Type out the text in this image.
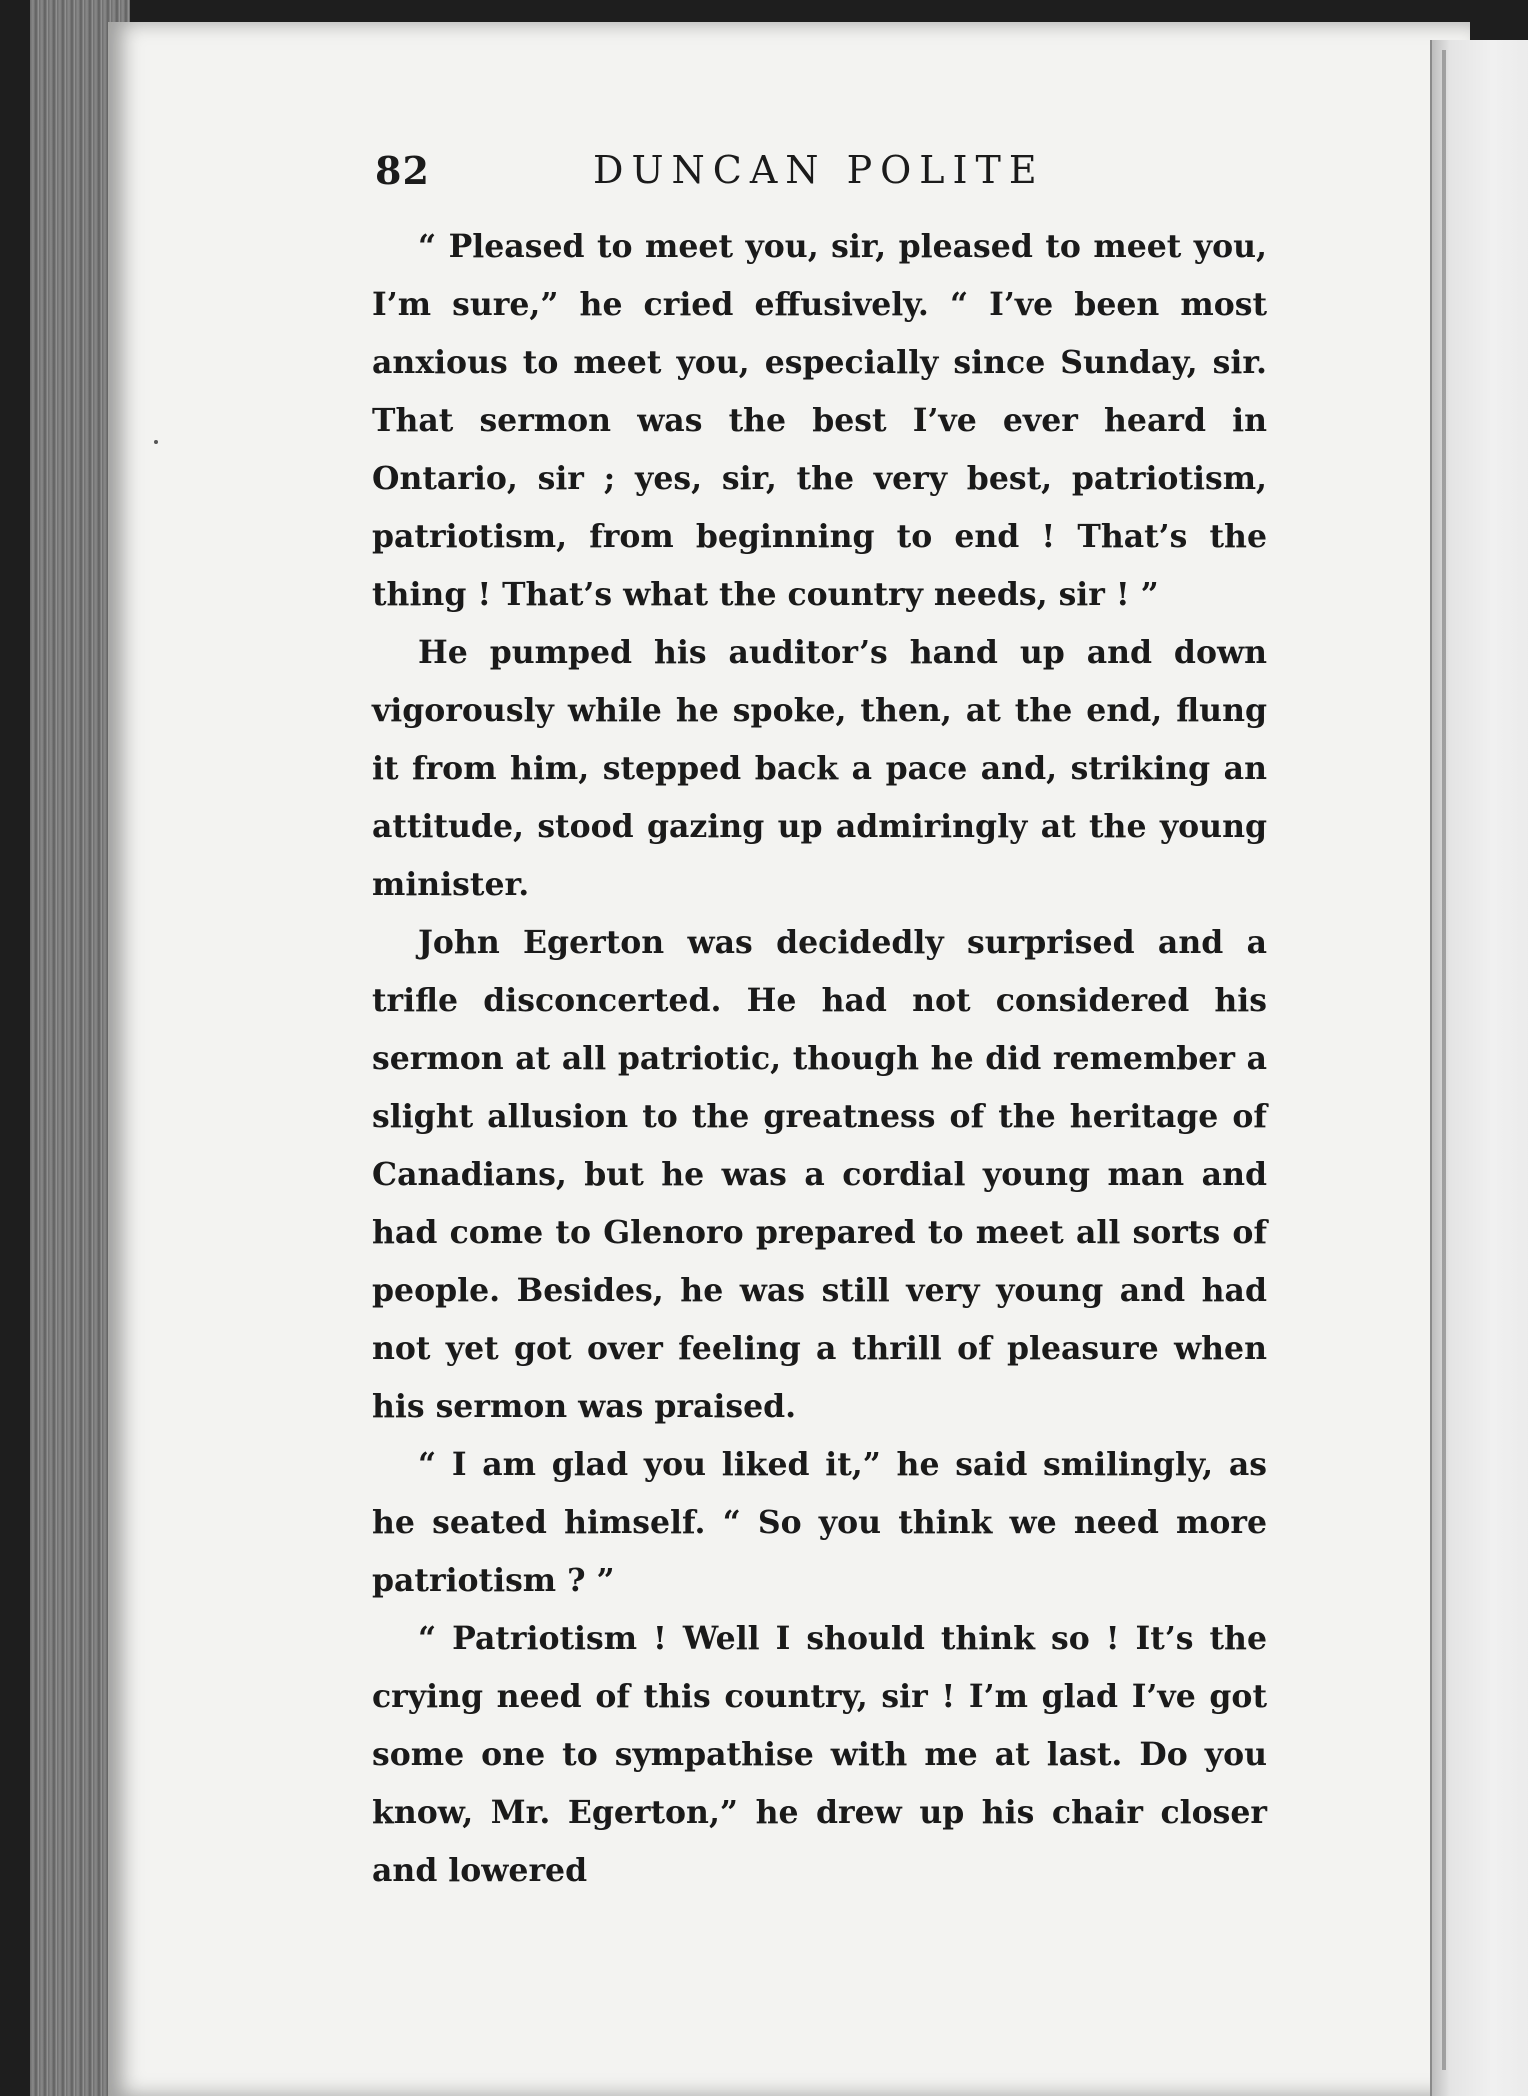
82	DUNCAN POLITE

“ Pleased to meet you, sir, pleased to meet you, I’m sure,” he cried effusively. “ I’ve been most anxious to meet you, especially since Sunday, sir. That sermon was the best I’ve ever heard in Ontario, sir ; yes, sir, the very best, patriotism, patriotism, from beginning to end ! That’s the thing ! That’s what the country needs, sir ! ”

He pumped his auditor’s hand up and down vigorously while he spoke, then, at the end, flung it from him, stepped back a pace and, striking an attitude, stood gazing up admiringly at the young minister.

John Egerton was decidedly surprised and a trifle disconcerted. He had not considered his sermon at all patriotic, though he did remember a slight allusion to the greatness of the heritage of Canadians, but he was a cordial young man and had come to Glenoro prepared to meet all sorts of people. Besides, he was still very young and had not yet got over feeling a thrill of pleasure when his sermon was praised.

“ I am glad you liked it,” he said smilingly, as he seated himself. “ So you think we need more patriotism ? ”

“ Patriotism ! Well I should think so ! It’s the crying need of this country, sir ! I’m glad I’ve got some one to sympathise with me at last. Do you know, Mr. Egerton,” he drew up his chair closer and lowered
